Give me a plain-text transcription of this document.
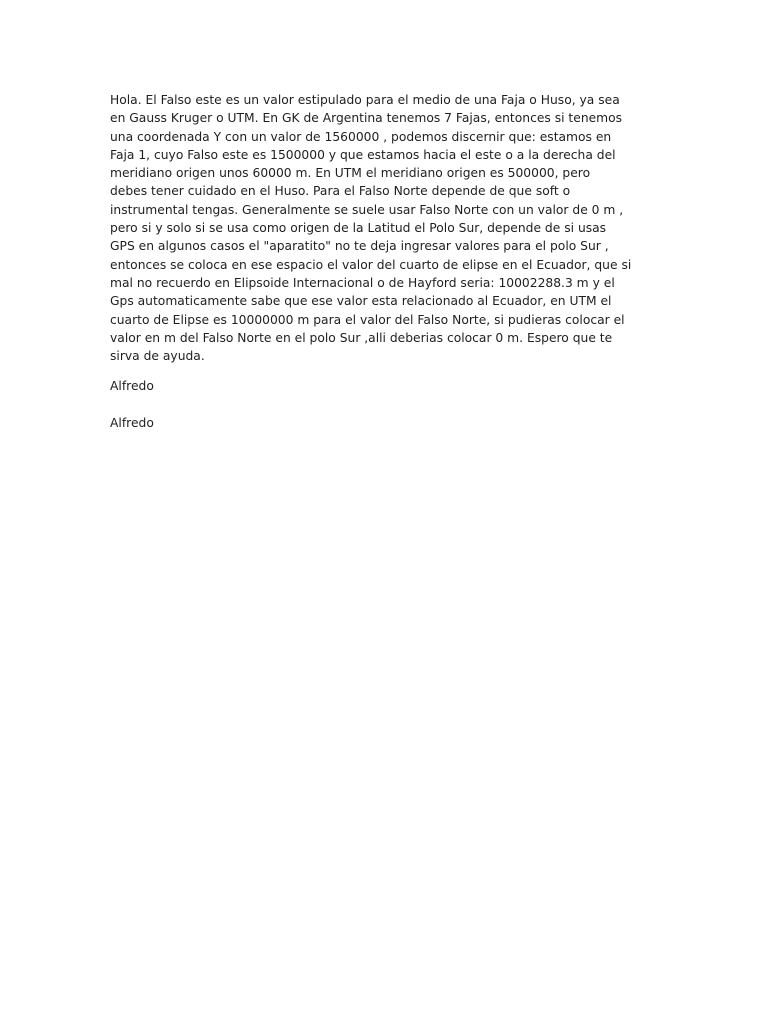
Hola. El Falso este es un valor estipulado para el medio de una Faja o Huso, ya sea
en Gauss Kruger o UTM. En GK de Argentina tenemos 7 Fajas, entonces si tenemos
una coordenada Y con un valor de 1560000 , podemos discernir que: estamos en
Faja 1, cuyo Falso este es 1500000 y que estamos hacia el este o a la derecha del
meridiano origen unos 60000 m. En UTM el meridiano origen es 500000, pero
debes tener cuidado en el Huso. Para el Falso Norte depende de que soft o
instrumental tengas. Generalmente se suele usar Falso Norte con un valor de 0 m ,
pero si y solo si se usa como origen de la Latitud el Polo Sur, depende de si usas
GPS en algunos casos el "aparatito" no te deja ingresar valores para el polo Sur ,
entonces se coloca en ese espacio el valor del cuarto de elipse en el Ecuador, que si
mal no recuerdo en Elipsoide Internacional o de Hayford seria: 10002288.3 m y el
Gps automaticamente sabe que ese valor esta relacionado al Ecuador, en UTM el
cuarto de Elipse es 10000000 m para el valor del Falso Norte, si pudieras colocar el
valor en m del Falso Norte en el polo Sur ,alli deberias colocar 0 m. Espero que te
sirva de ayuda.
Alfredo
Alfredo
